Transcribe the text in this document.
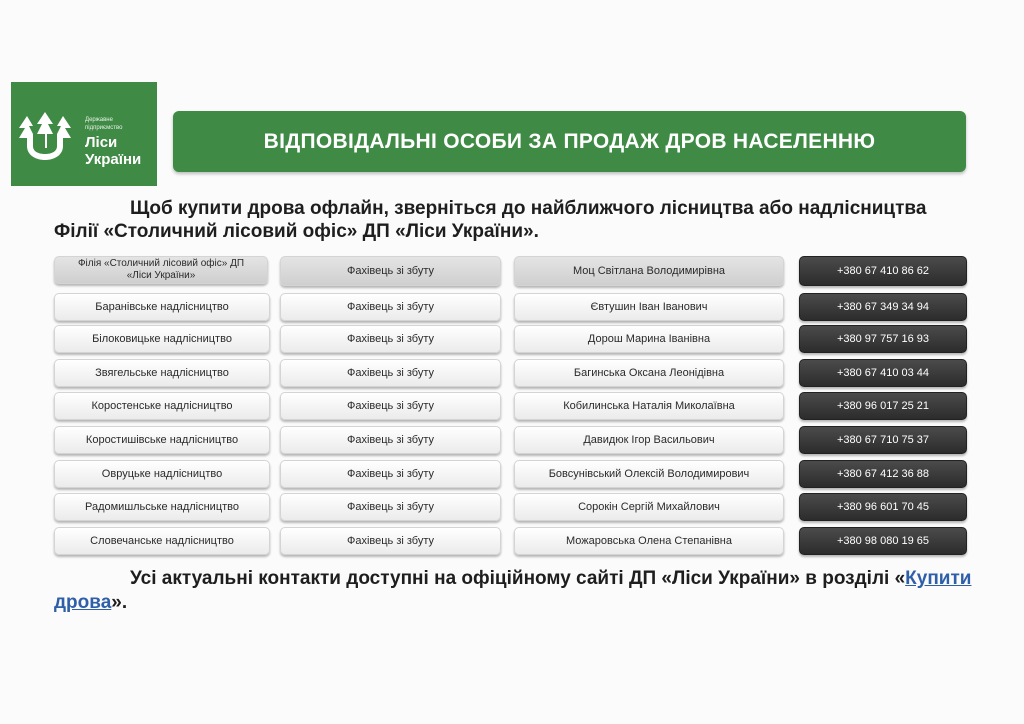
Державне
підприємство
Ліси
України
ВІДПОВІДАЛЬНІ ОСОБИ ЗА ПРОДАЖ ДРОВ НАСЕЛЕННЮ
Щоб купити дрова офлайн, зверніться до найближчого лісництва або надлісництва Філії «Столичний лісовий офіс» ДП «Ліси України».
Філія «Столичний лісовий офіс» ДП «Ліси України»	Фахівець зі збуту	Моц Світлана Володимирівна	+380 67 410 86 62
Баранівське надлісництво	Фахівець зі збуту	Євтушин Іван Іванович	+380 67 349 34 94
Білоковицьке надлісництво	Фахівець зі збуту	Дорош Марина Іванівна	+380 97 757 16 93
Звягельське надлісництво	Фахівець зі збуту	Багинська Оксана Леонідівна	+380 67 410 03 44
Коростенське надлісництво	Фахівець зі збуту	Кобилинська Наталія Миколаївна	+380 96 017 25 21
Коростишівське надлісництво	Фахівець зі збуту	Давидюк Ігор Васильович	+380 67 710 75 37
Овруцьке надлісництво	Фахівець зі збуту	Бовсунівський Олексій Володимирович	+380 67 412 36 88
Радомишльське надлісництво	Фахівець зі збуту	Сорокін Сергій Михайлович	+380 96 601 70 45
Словечанське надлісництво	Фахівець зі збуту	Можаровська Олена Степанівна	+380 98 080 19 65
Усі актуальні контакти доступні на офіційному сайті ДП «Ліси України» в розділі «Купити дрова».
